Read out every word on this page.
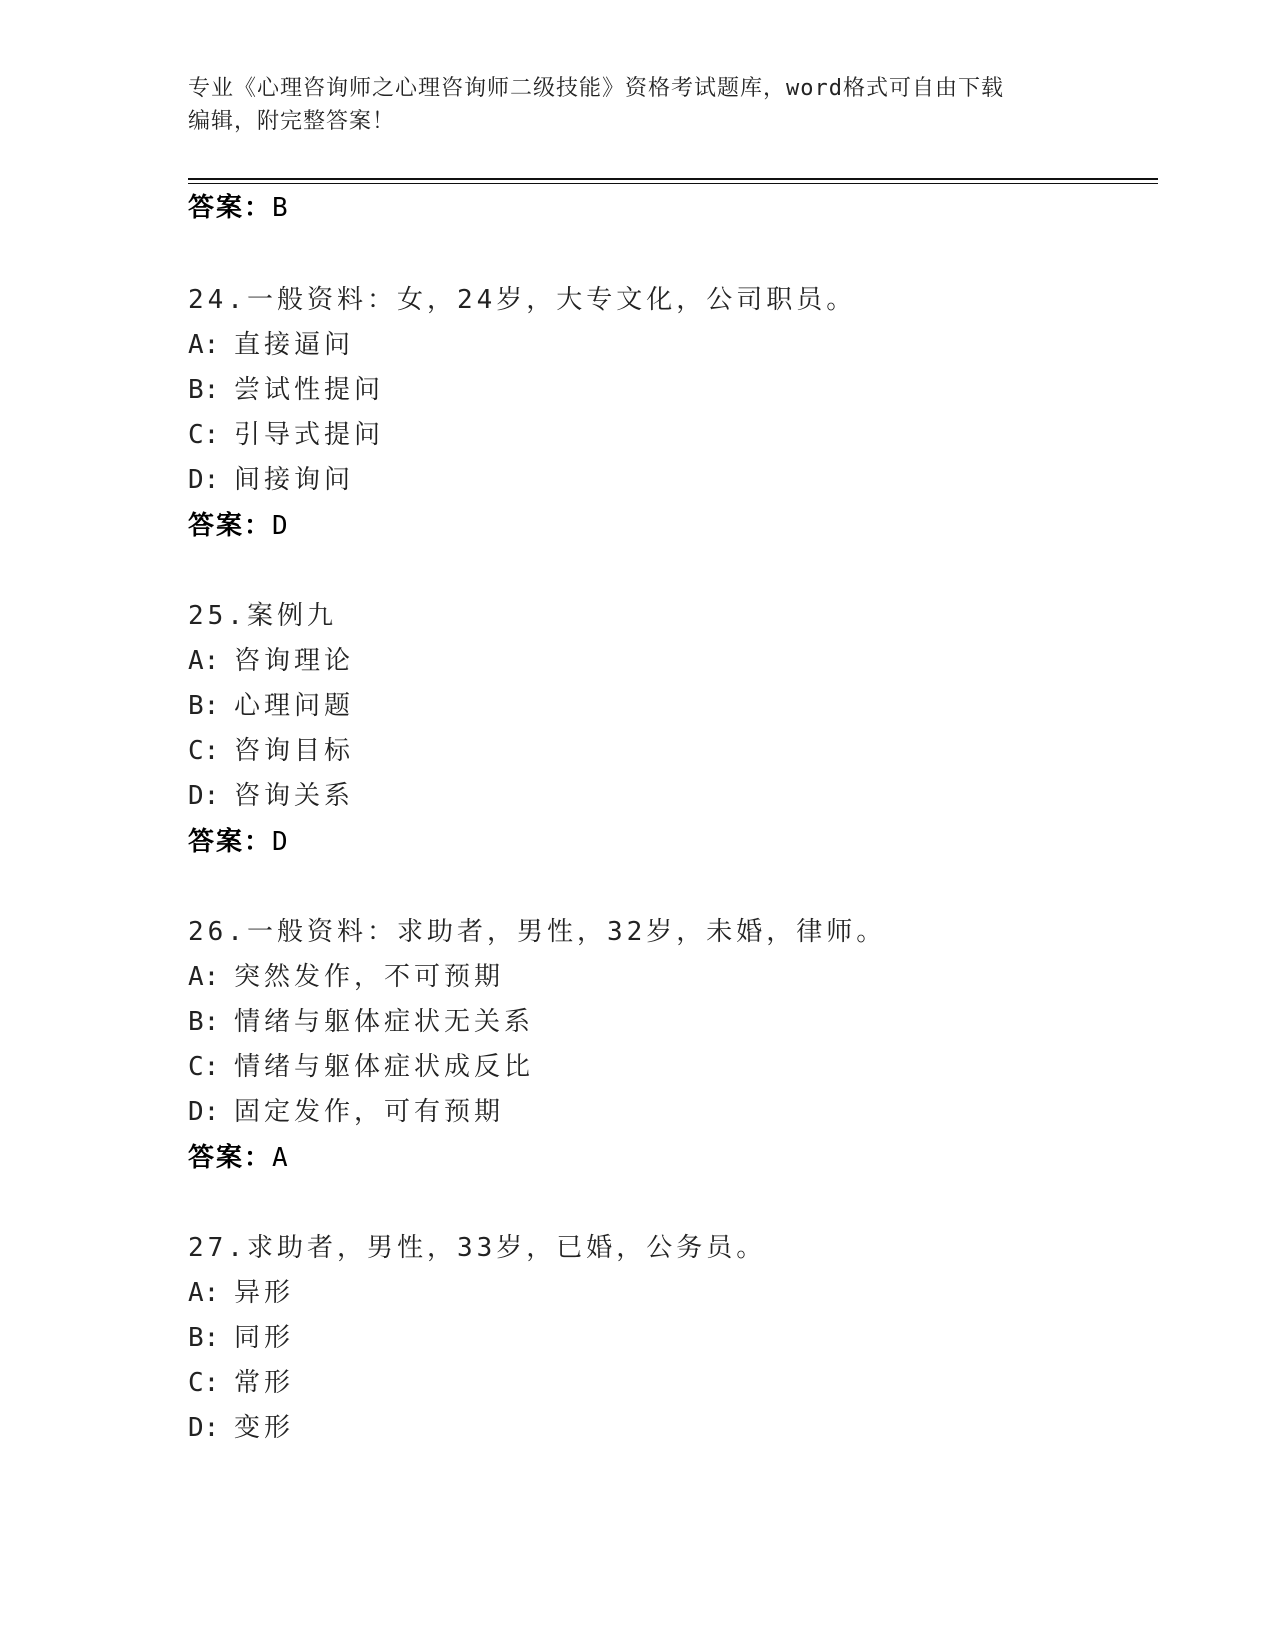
专业《心理咨询师之心理咨询师二级技能》资格考试题库，word格式可自由下载
编辑，附完整答案！
答案：B
24.一般资料：女，24岁，大专文化，公司职员。
A: 直接逼问
B: 尝试性提问
C: 引导式提问
D: 间接询问
答案：D
25.案例九
A: 咨询理论
B: 心理问题
C: 咨询目标
D: 咨询关系
答案：D
26.一般资料：求助者，男性，32岁，未婚，律师。
A: 突然发作，不可预期
B: 情绪与躯体症状无关系
C: 情绪与躯体症状成反比
D: 固定发作，可有预期
答案：A
27.求助者，男性，33岁，已婚，公务员。
A: 异形
B: 同形
C: 常形
D: 变形
